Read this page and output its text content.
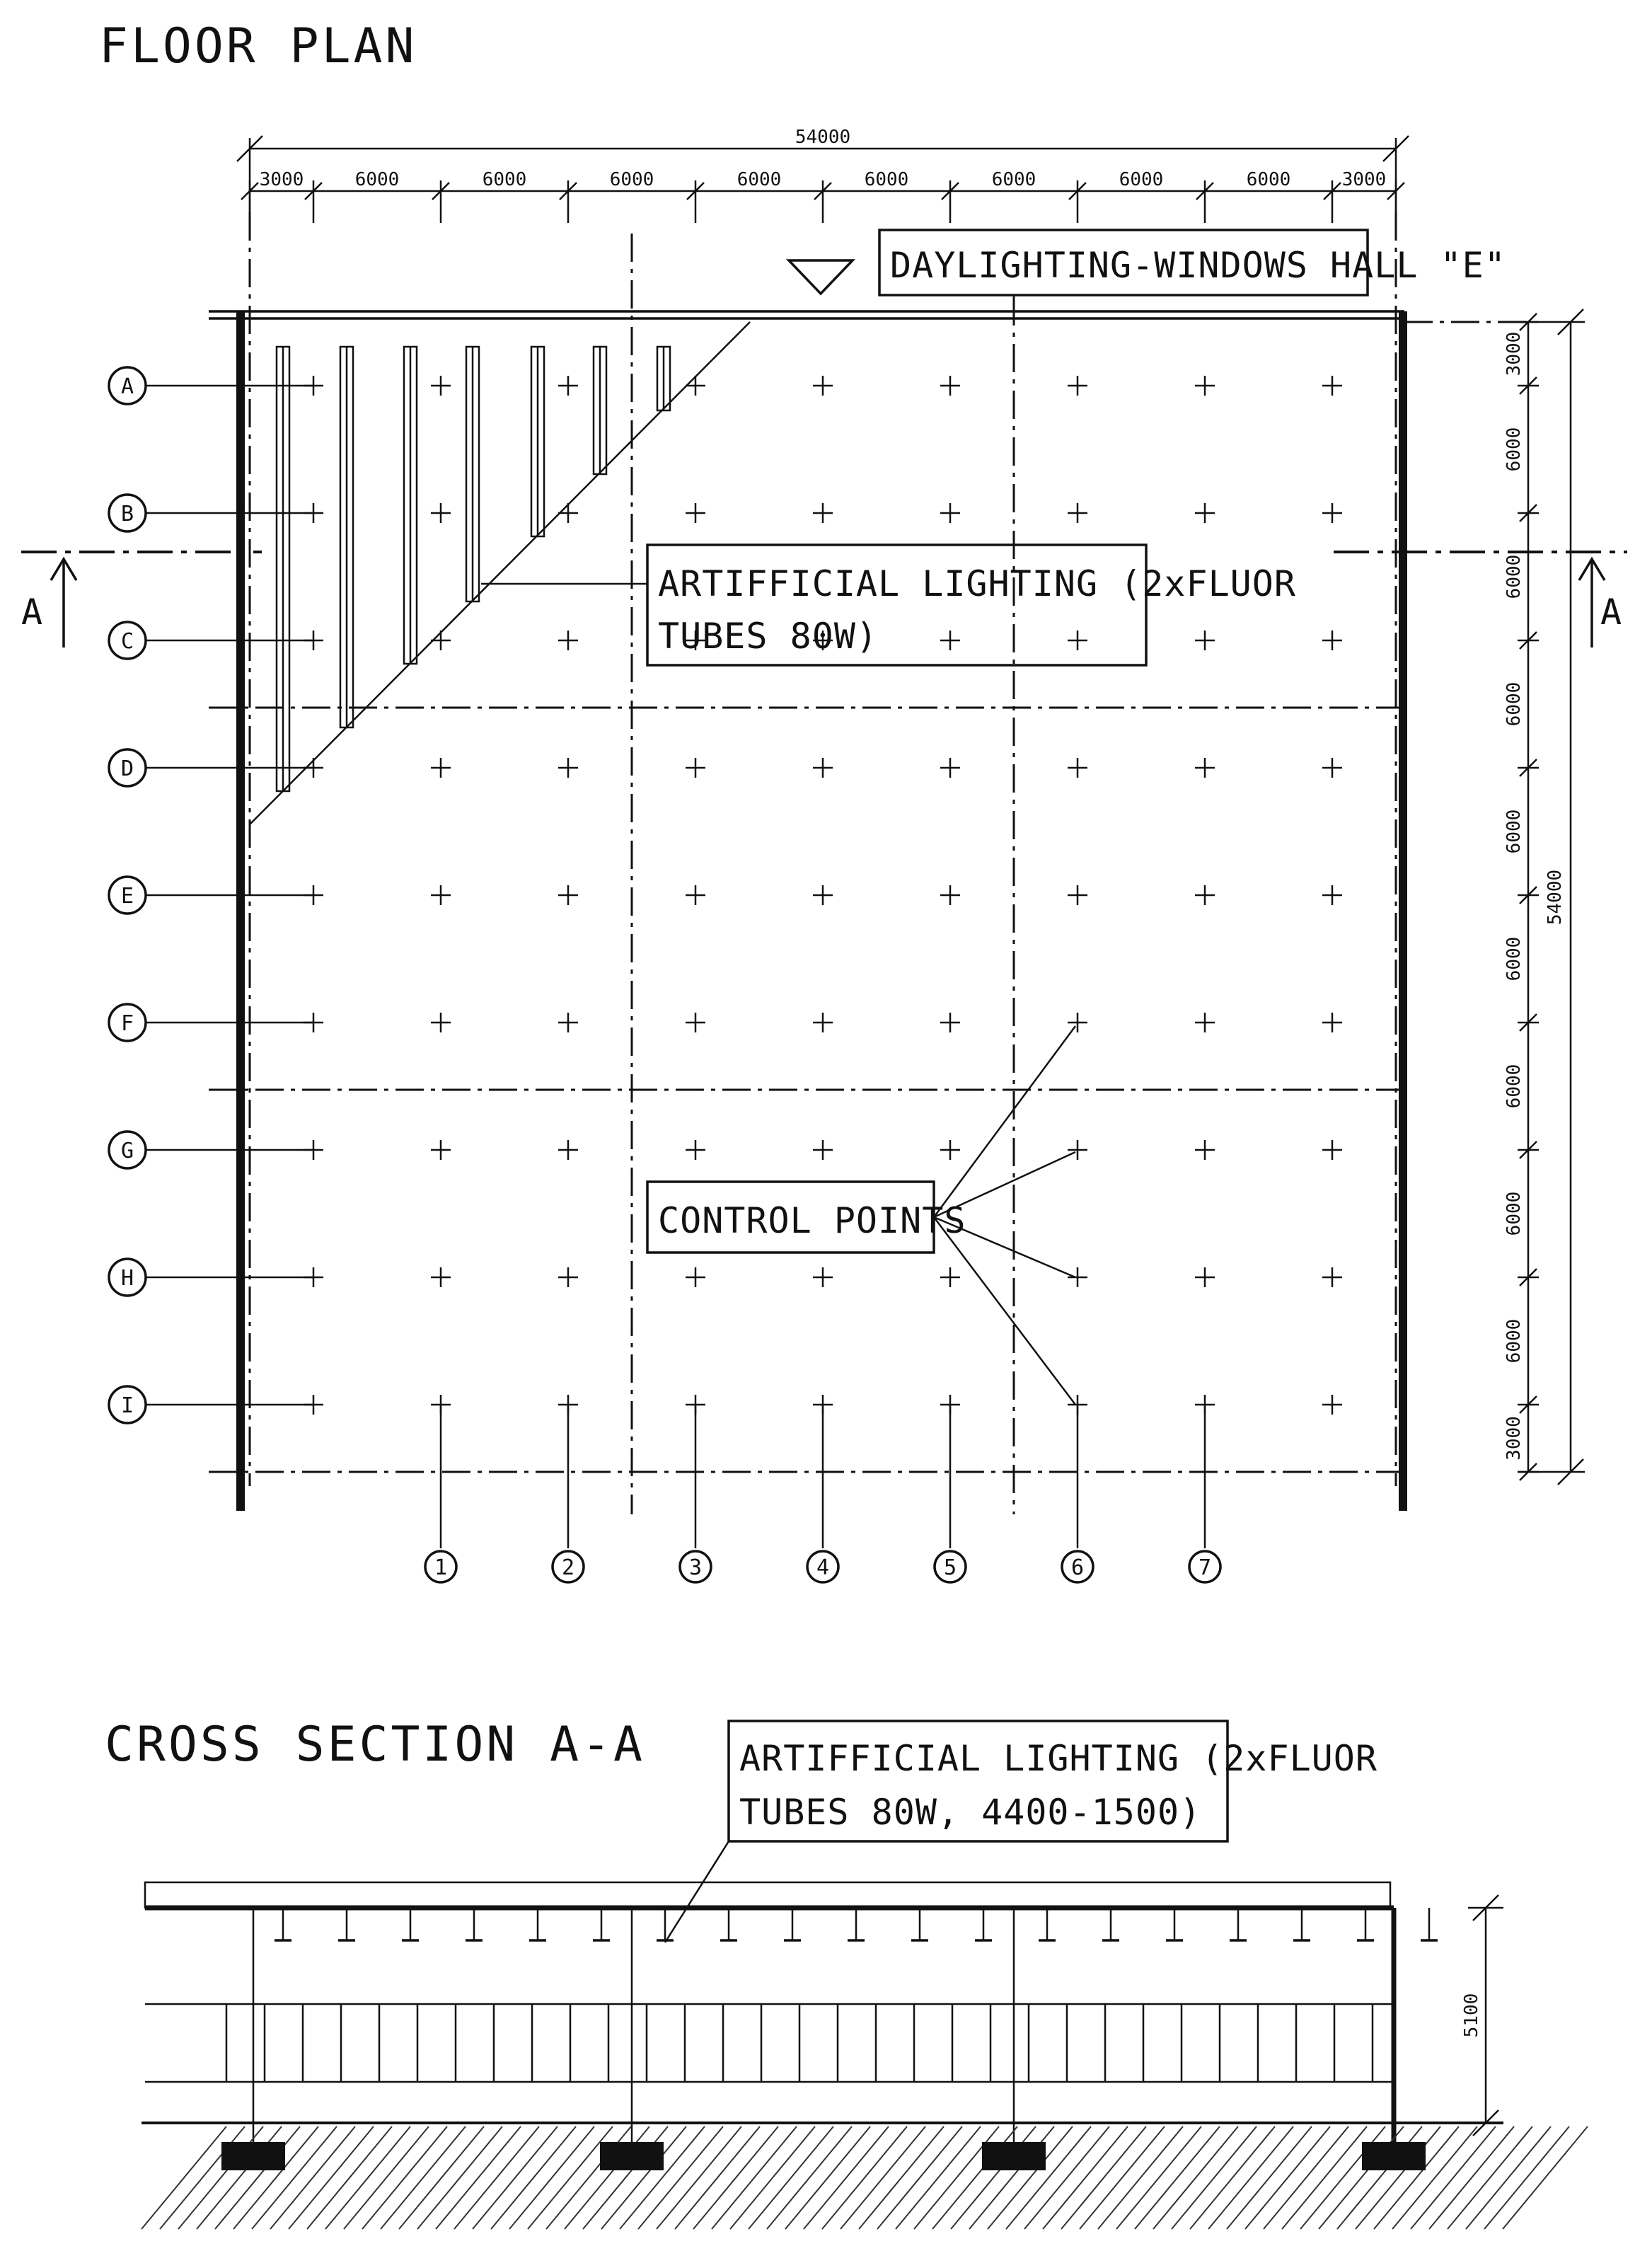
FLOOR PLAN
54000
3000	6000	6000	6000	6000	6000	6000	6000	6000	3000
54000
3000
6000
6000
6000
6000
6000
6000
6000
6000
3000
A	A
DAYLIGHTING-WINDOWS HALL "E"
ARTIFFICIAL LIGHTING (2xFLUOR
TUBES 80W)
A
B
C
D
E
F
G
H
I
1	2	3	4	5	6	7
CONTROL POINTS
CROSS SECTION A-A	ARTIFFICIAL LIGHTING (2xFLUOR
TUBES 80W, 4400-1500)
5100
